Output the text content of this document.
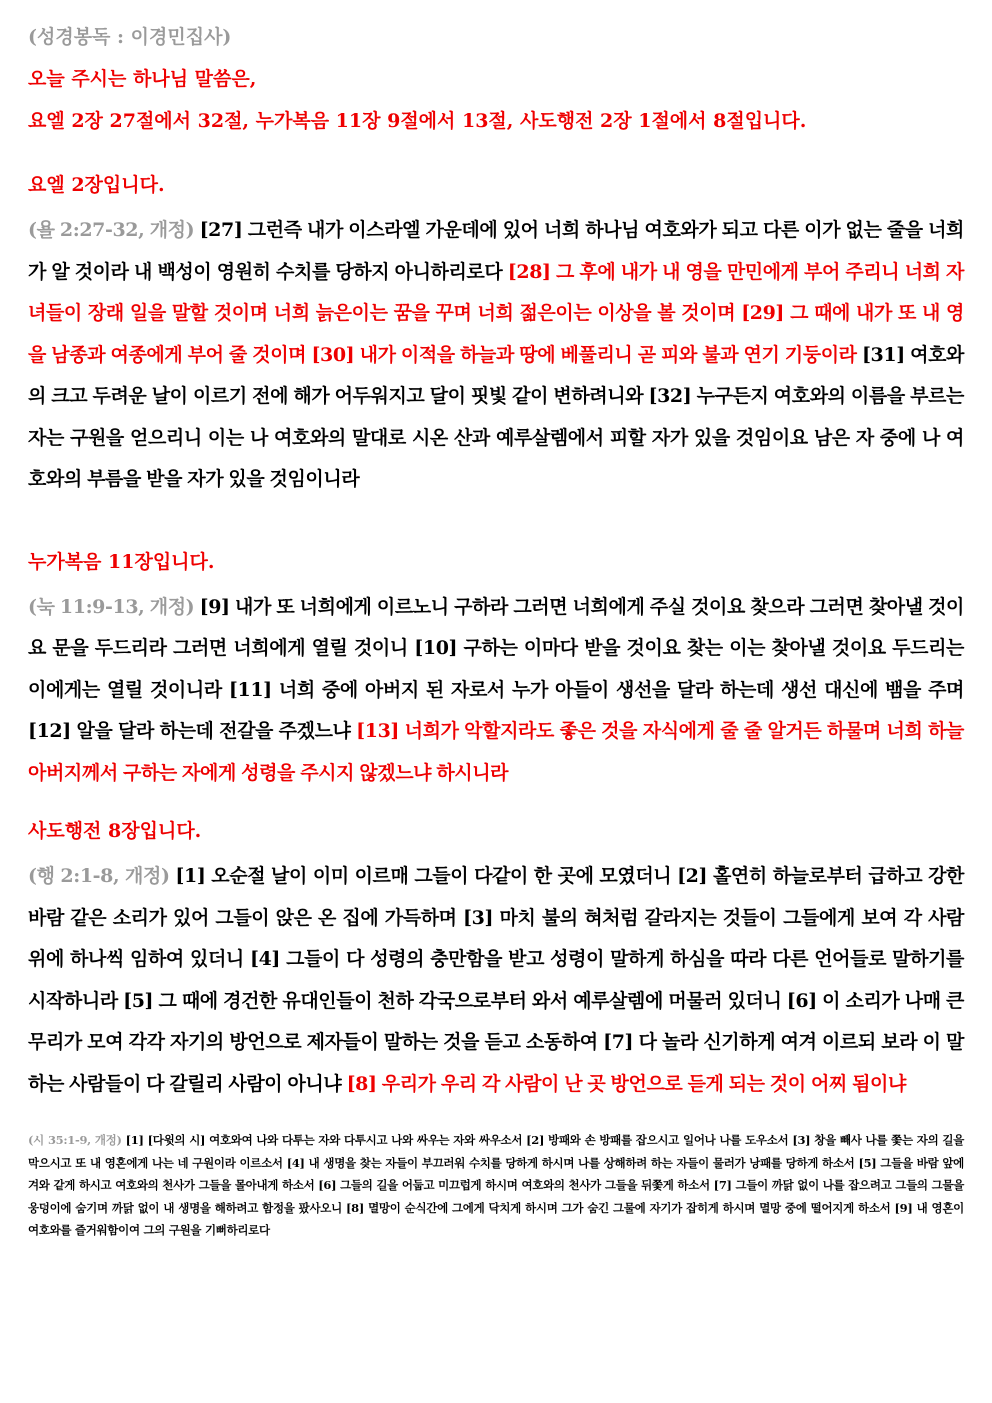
(성경봉독 : 이경민집사)

오늘 주시는 하나님 말씀은,

요엘 2장 27절에서 32절, 누가복음 11장 9절에서 13절, 사도행전 2장 1절에서 8절입니다.

요엘 2장입니다.

(욜 2:27-32, 개정) [27] 그런즉 내가 이스라엘 가운데에 있어 너희 하나님 여호와가 되고 다른 이가 없는 줄을 너희가 알 것이라 내 백성이 영원히 수치를 당하지 아니하리로다 [28] 그 후에 내가 내 영을 만민에게 부어 주리니 너희 자녀들이 장래 일을 말할 것이며 너희 늙은이는 꿈을 꾸며 너희 젊은이는 이상을 볼 것이며 [29] 그 때에 내가 또 내 영을 남종과 여종에게 부어 줄 것이며 [30] 내가 이적을 하늘과 땅에 베풀리니 곧 피와 불과 연기 기둥이라 [31] 여호와의 크고 두려운 날이 이르기 전에 해가 어두워지고 달이 핏빛 같이 변하려니와 [32] 누구든지 여호와의 이름을 부르는 자는 구원을 얻으리니 이는 나 여호와의 말대로 시온 산과 예루살렘에서 피할 자가 있을 것임이요 남은 자 중에 나 여호와의 부름을 받을 자가 있을 것임이니라

누가복음 11장입니다.

(눅 11:9-13, 개정) [9] 내가 또 너희에게 이르노니 구하라 그러면 너희에게 주실 것이요 찾으라 그러면 찾아낼 것이요 문을 두드리라 그러면 너희에게 열릴 것이니 [10] 구하는 이마다 받을 것이요 찾는 이는 찾아낼 것이요 두드리는 이에게는 열릴 것이니라 [11] 너희 중에 아버지 된 자로서 누가 아들이 생선을 달라 하는데 생선 대신에 뱀을 주며 [12] 알을 달라 하는데 전갈을 주겠느냐 [13] 너희가 악할지라도 좋은 것을 자식에게 줄 줄 알거든 하물며 너희 하늘 아버지께서 구하는 자에게 성령을 주시지 않겠느냐 하시니라

사도행전 8장입니다.

(행 2:1-8, 개정) [1] 오순절 날이 이미 이르매 그들이 다같이 한 곳에 모였더니 [2] 홀연히 하늘로부터 급하고 강한 바람 같은 소리가 있어 그들이 앉은 온 집에 가득하며 [3] 마치 불의 혀처럼 갈라지는 것들이 그들에게 보여 각 사람 위에 하나씩 임하여 있더니 [4] 그들이 다 성령의 충만함을 받고 성령이 말하게 하심을 따라 다른 언어들로 말하기를 시작하니라 [5] 그 때에 경건한 유대인들이 천하 각국으로부터 와서 예루살렘에 머물러 있더니 [6] 이 소리가 나매 큰 무리가 모여 각각 자기의 방언으로 제자들이 말하는 것을 듣고 소동하여 [7] 다 놀라 신기하게 여겨 이르되 보라 이 말하는 사람들이 다 갈릴리 사람이 아니냐 [8] 우리가 우리 각 사람이 난 곳 방언으로 듣게 되는 것이 어찌 됨이냐

(시 35:1-9, 개정) [1] [다윗의 시] 여호와여 나와 다투는 자와 다투시고 나와 싸우는 자와 싸우소서 [2] 방패와 손 방패를 잡으시고 일어나 나를 도우소서 [3] 창을 빼사 나를 쫓는 자의 길을 막으시고 또 내 영혼에게 나는 네 구원이라 이르소서 [4] 내 생명을 찾는 자들이 부끄러워 수치를 당하게 하시며 나를 상해하려 하는 자들이 물러가 낭패를 당하게 하소서 [5] 그들을 바람 앞에 겨와 같게 하시고 여호와의 천사가 그들을 몰아내게 하소서 [6] 그들의 길을 어둡고 미끄럽게 하시며 여호와의 천사가 그들을 뒤쫓게 하소서 [7] 그들이 까닭 없이 나를 잡으려고 그들의 그물을 웅덩이에 숨기며 까닭 없이 내 생명을 해하려고 함정을 팠사오니 [8] 멸망이 순식간에 그에게 닥치게 하시며 그가 숨긴 그물에 자기가 잡히게 하시며 멸망 중에 떨어지게 하소서 [9] 내 영혼이 여호와를 즐거워함이여 그의 구원을 기뻐하리로다
